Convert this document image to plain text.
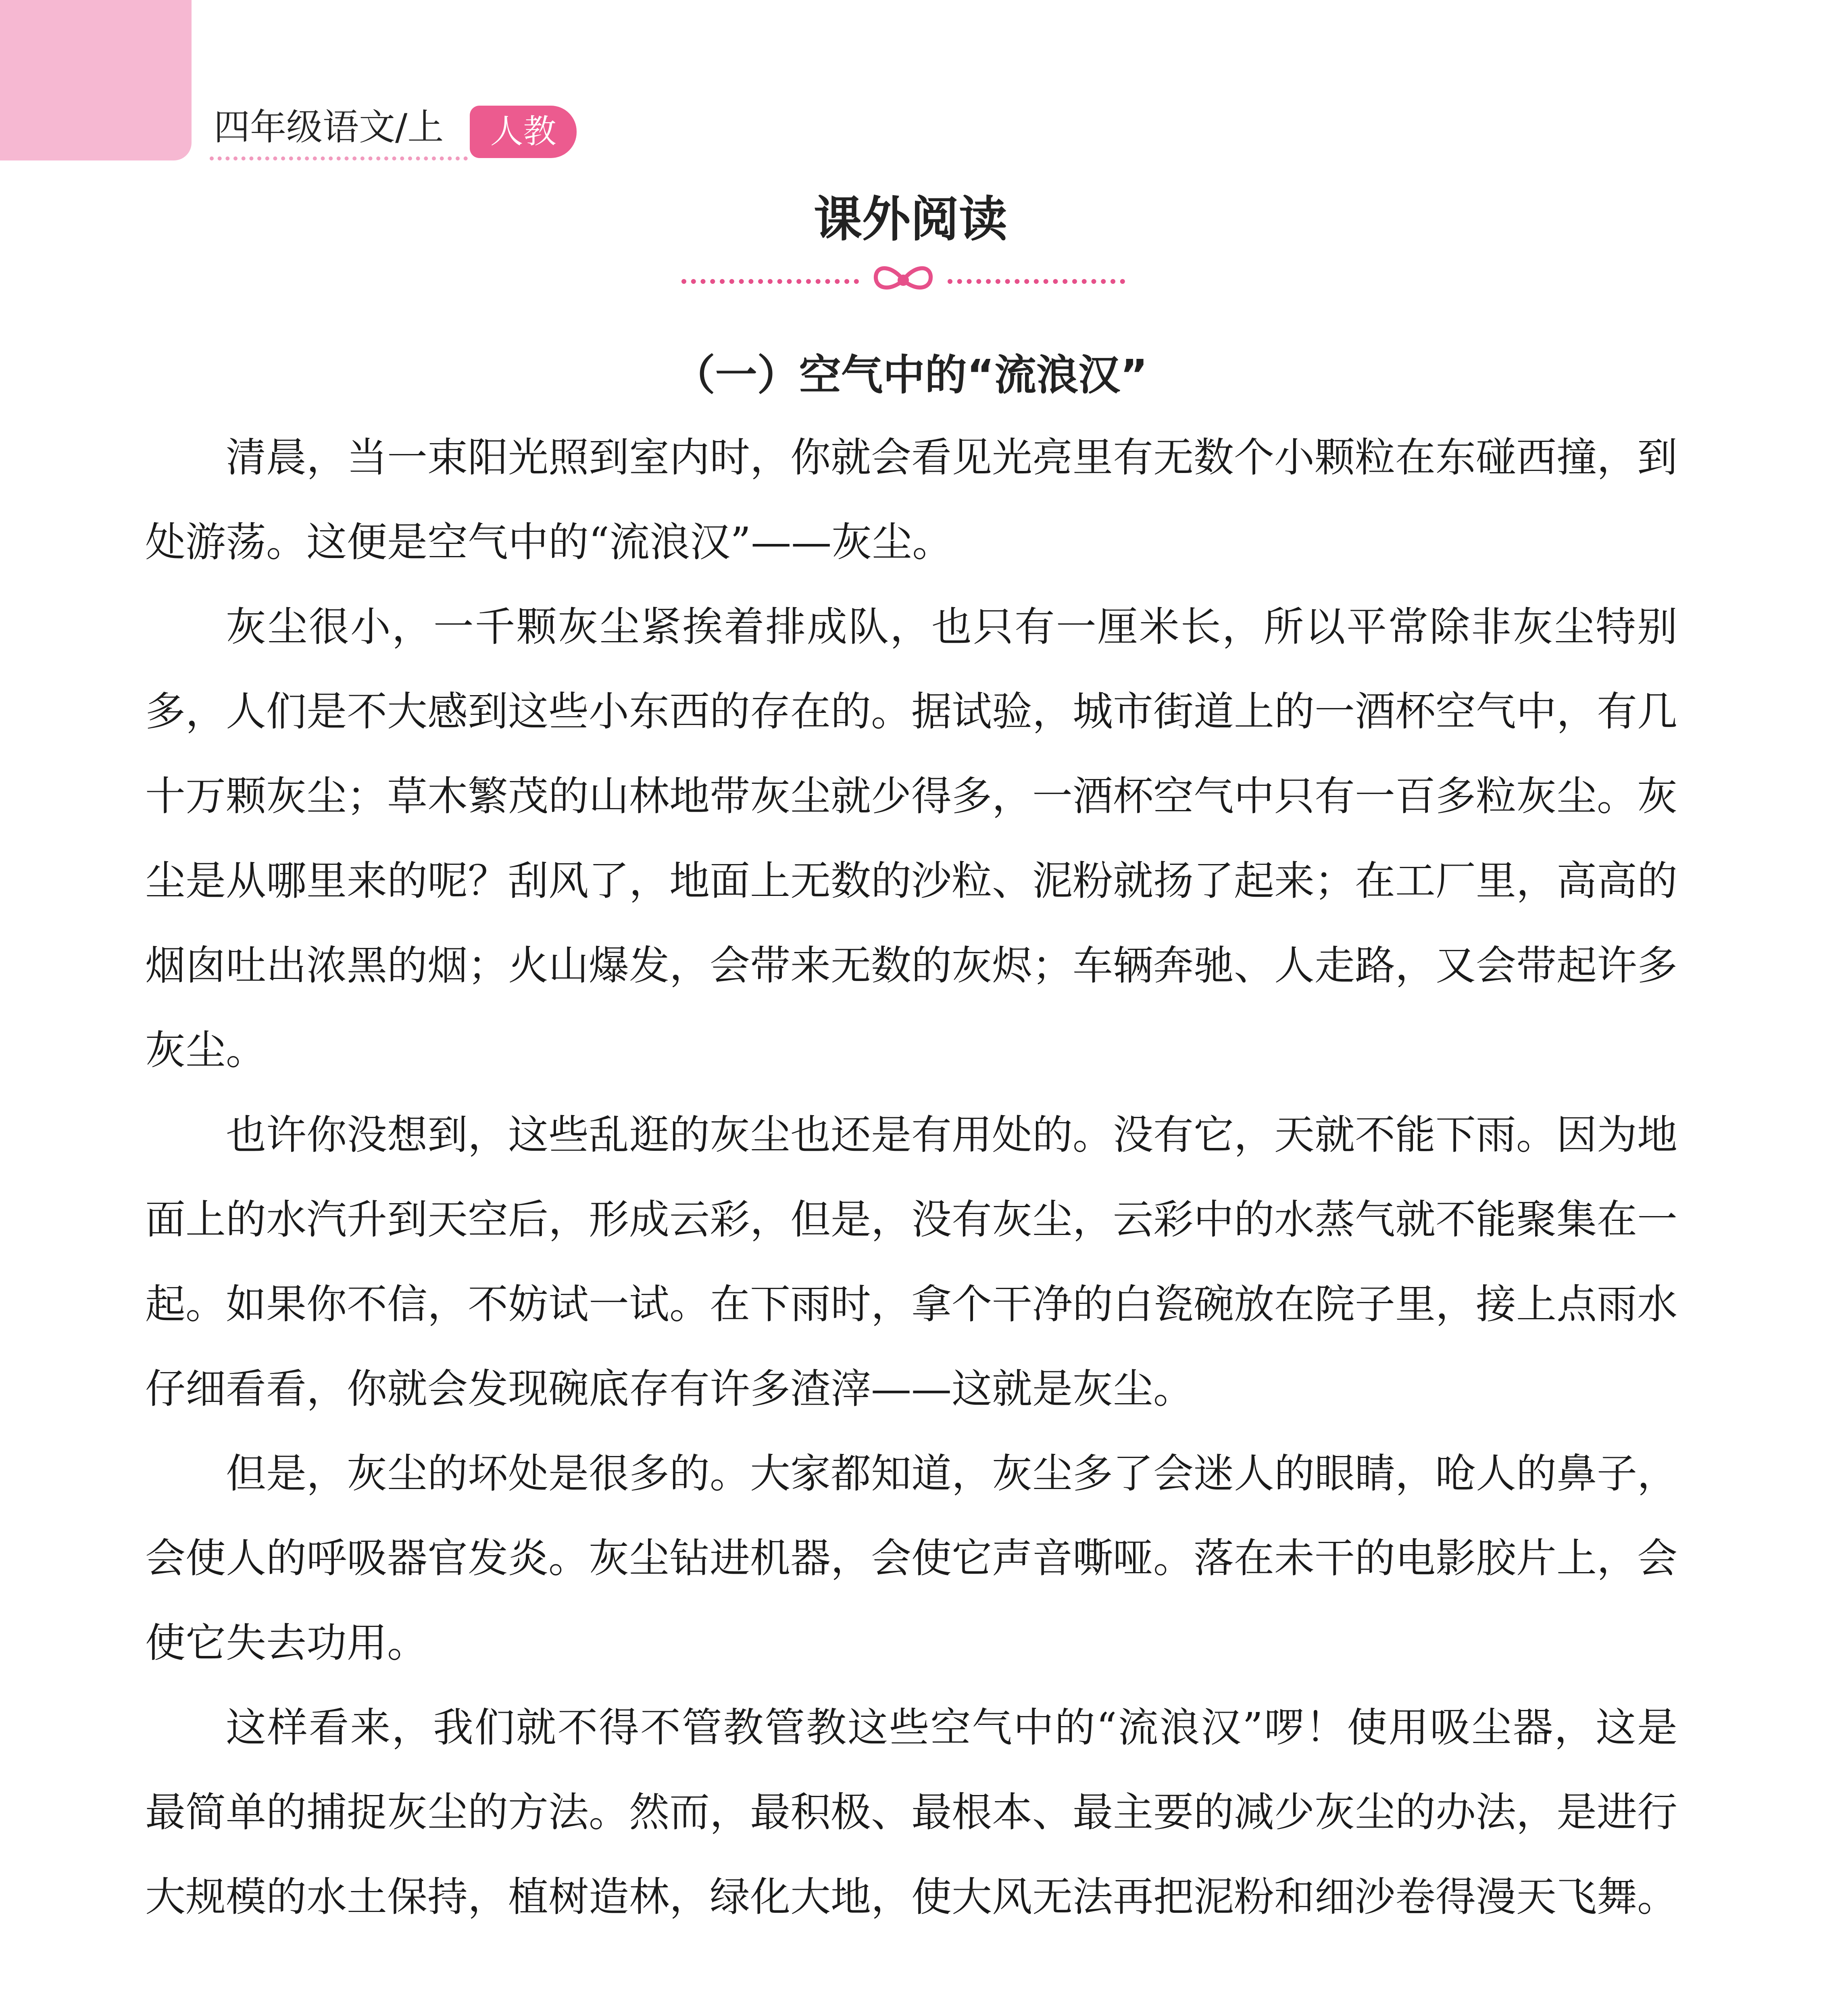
四年级语文/上	人教
课外阅读
（一）空气中的“流浪汉”

清晨，当一束阳光照到室内时，你就会看见光亮里有无数个小颗粒在东碰西撞，到处游荡。这便是空气中的“流浪汉”——灰尘。

灰尘很小，一千颗灰尘紧挨着排成队，也只有一厘米长，所以平常除非灰尘特别多，人们是不大感到这些小东西的存在的。据试验，城市街道上的一酒杯空气中，有几十万颗灰尘；草木繁茂的山林地带灰尘就少得多，一酒杯空气中只有一百多粒灰尘。灰尘是从哪里来的呢？刮风了，地面上无数的沙粒、泥粉就扬了起来；在工厂里，高高的烟囱吐出浓黑的烟；火山爆发，会带来无数的灰烬；车辆奔驰、人走路，又会带起许多灰尘。

也许你没想到，这些乱逛的灰尘也还是有用处的。没有它，天就不能下雨。因为地面上的水汽升到天空后，形成云彩，但是，没有灰尘，云彩中的水蒸气就不能聚集在一起。如果你不信，不妨试一试。在下雨时，拿个干净的白瓷碗放在院子里，接上点雨水仔细看看，你就会发现碗底存有许多渣滓——这就是灰尘。

但是，灰尘的坏处是很多的。大家都知道，灰尘多了会迷人的眼睛，呛人的鼻子，会使人的呼吸器官发炎。灰尘钻进机器，会使它声音嘶哑。落在未干的电影胶片上，会使它失去功用。

这样看来，我们就不得不管教管教这些空气中的“流浪汉”啰！使用吸尘器，这是最简单的捕捉灰尘的方法。然而，最积极、最根本、最主要的减少灰尘的办法，是进行大规模的水土保持，植树造林，绿化大地，使大风无法再把泥粉和细沙卷得漫天飞舞。
